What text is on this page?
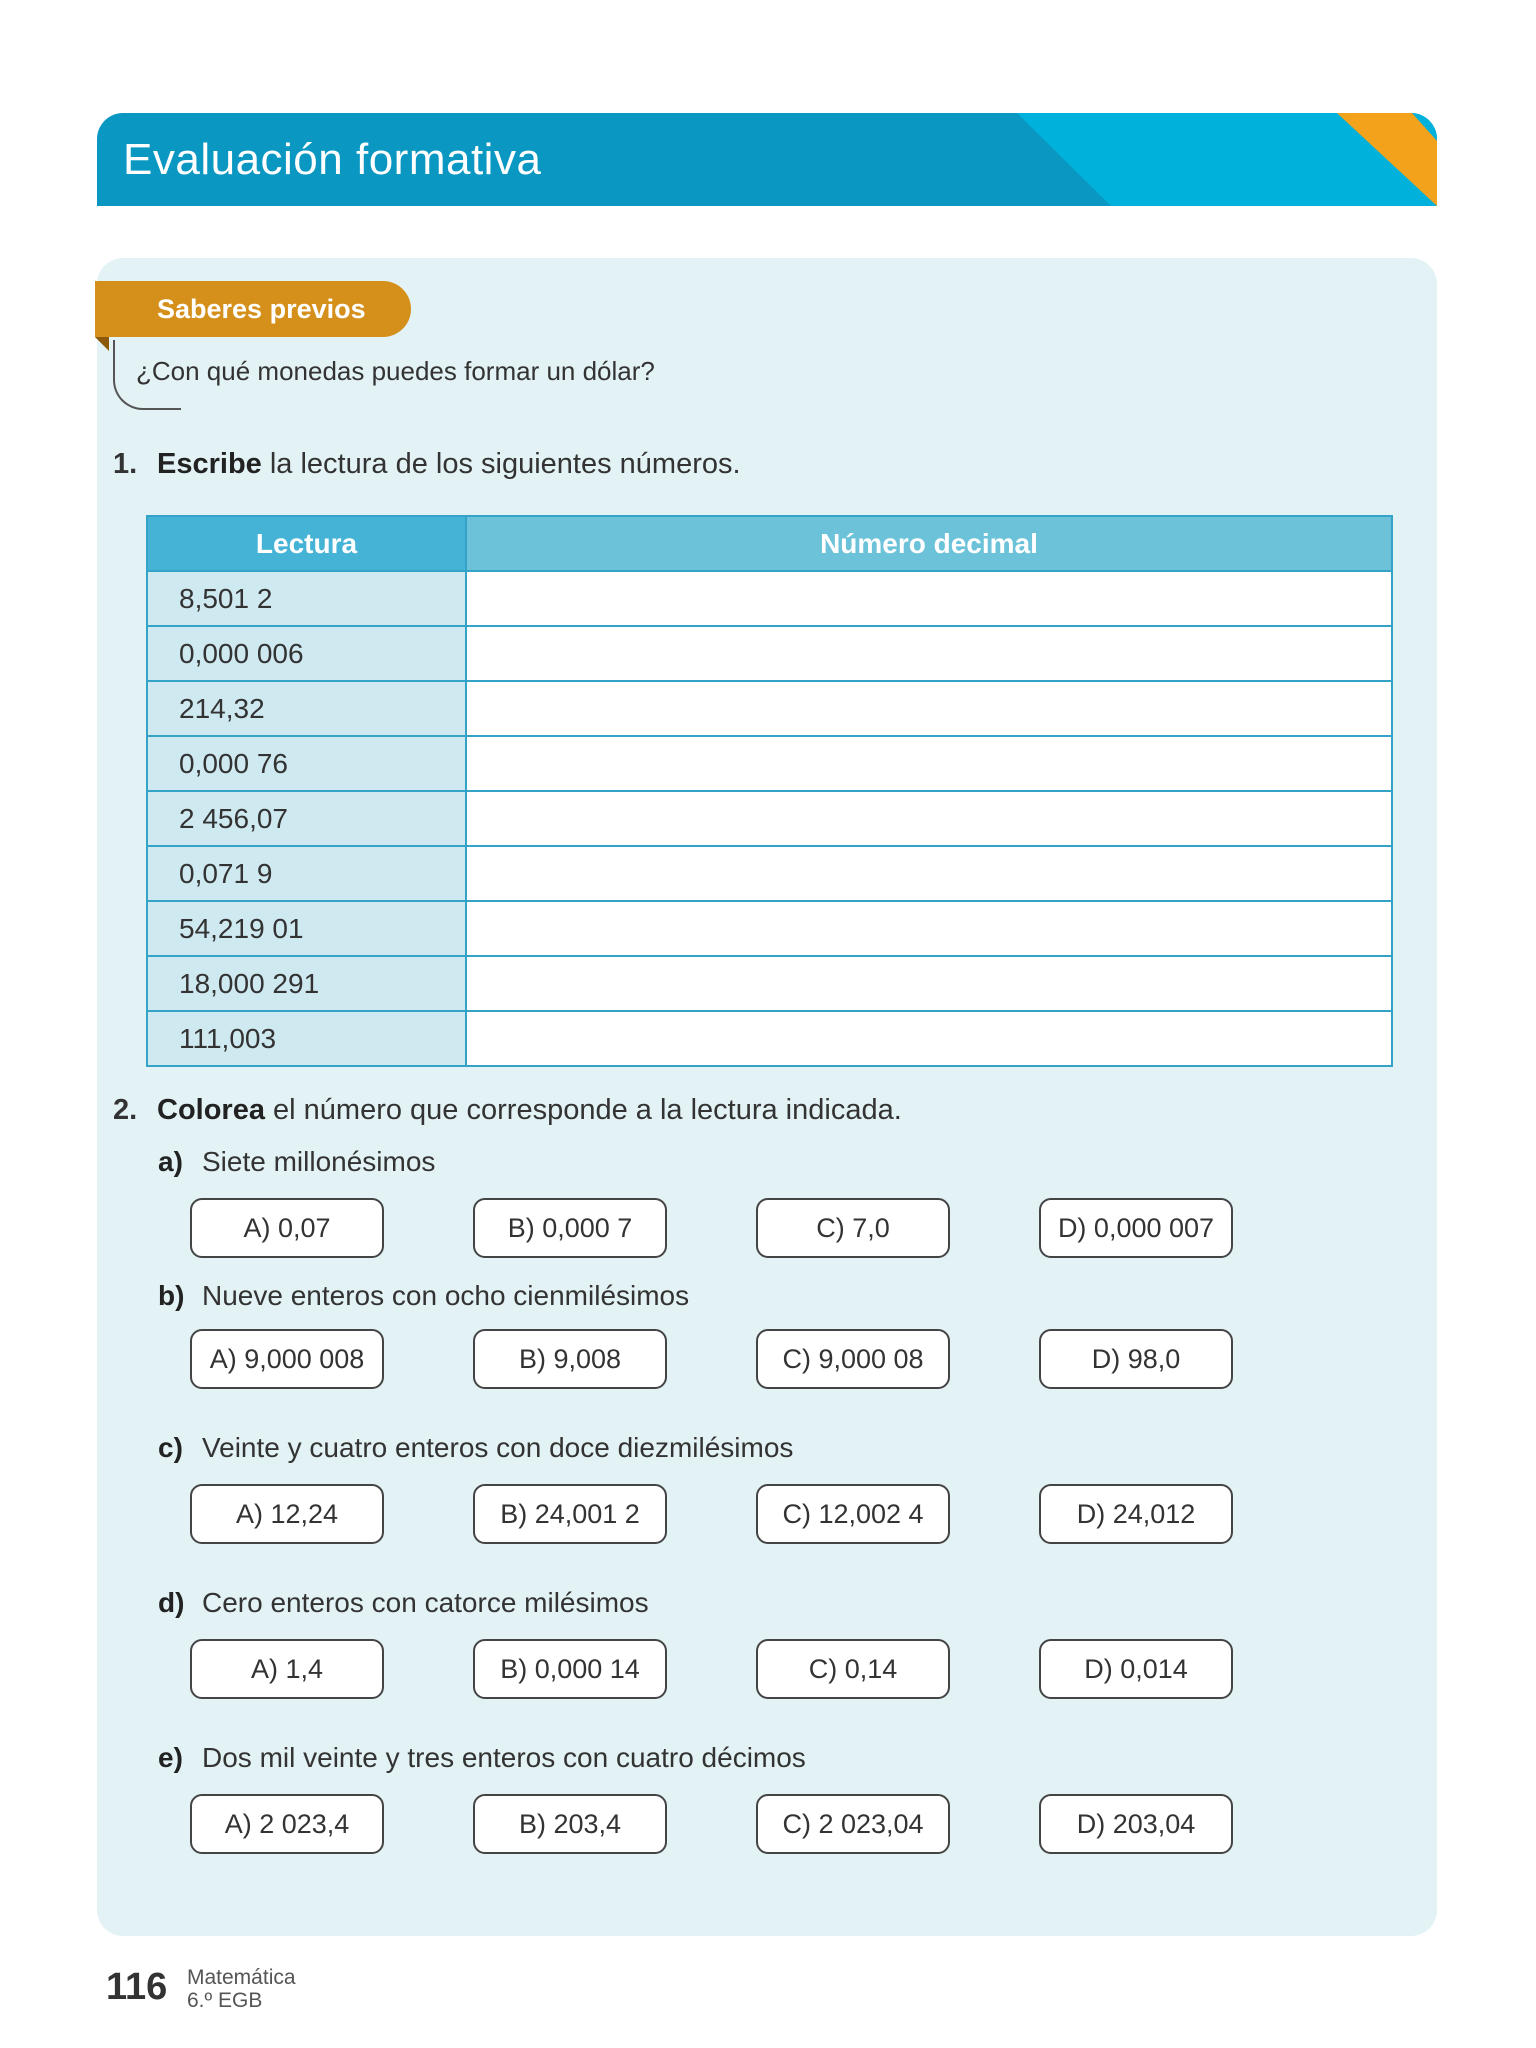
Evaluación formativa
DUA
Acción y expresión
Saberes previos
¿Con qué monedas puedes formar un dólar?
1. Escribe la lectura de los siguientes números.
Lectura	Número decimal
8,501 2	
0,000 006	
214,32	
0,000 76	
2 456,07	
0,071 9	
54,219 01	
18,000 291	
111,003	
2. Colorea el número que corresponde a la lectura indicada.
a) Siete millonésimos
A) 0,07	B) 0,000 7	C) 7,0	D) 0,000 007
b) Nueve enteros con ocho cienmilésimos
A) 9,000 008	B) 9,008	C) 9,000 08	D) 98,0
c) Veinte y cuatro enteros con doce diezmilésimos
A) 12,24	B) 24,001 2	C) 12,002 4	D) 24,012
d) Cero enteros con catorce milésimos
A) 1,4	B) 0,000 14	C) 0,14	D) 0,014
e) Dos mil veinte y tres enteros con cuatro décimos
A) 2 023,4	B) 203,4	C) 2 023,04	D) 203,04
116 Matemática
6.º EGB
